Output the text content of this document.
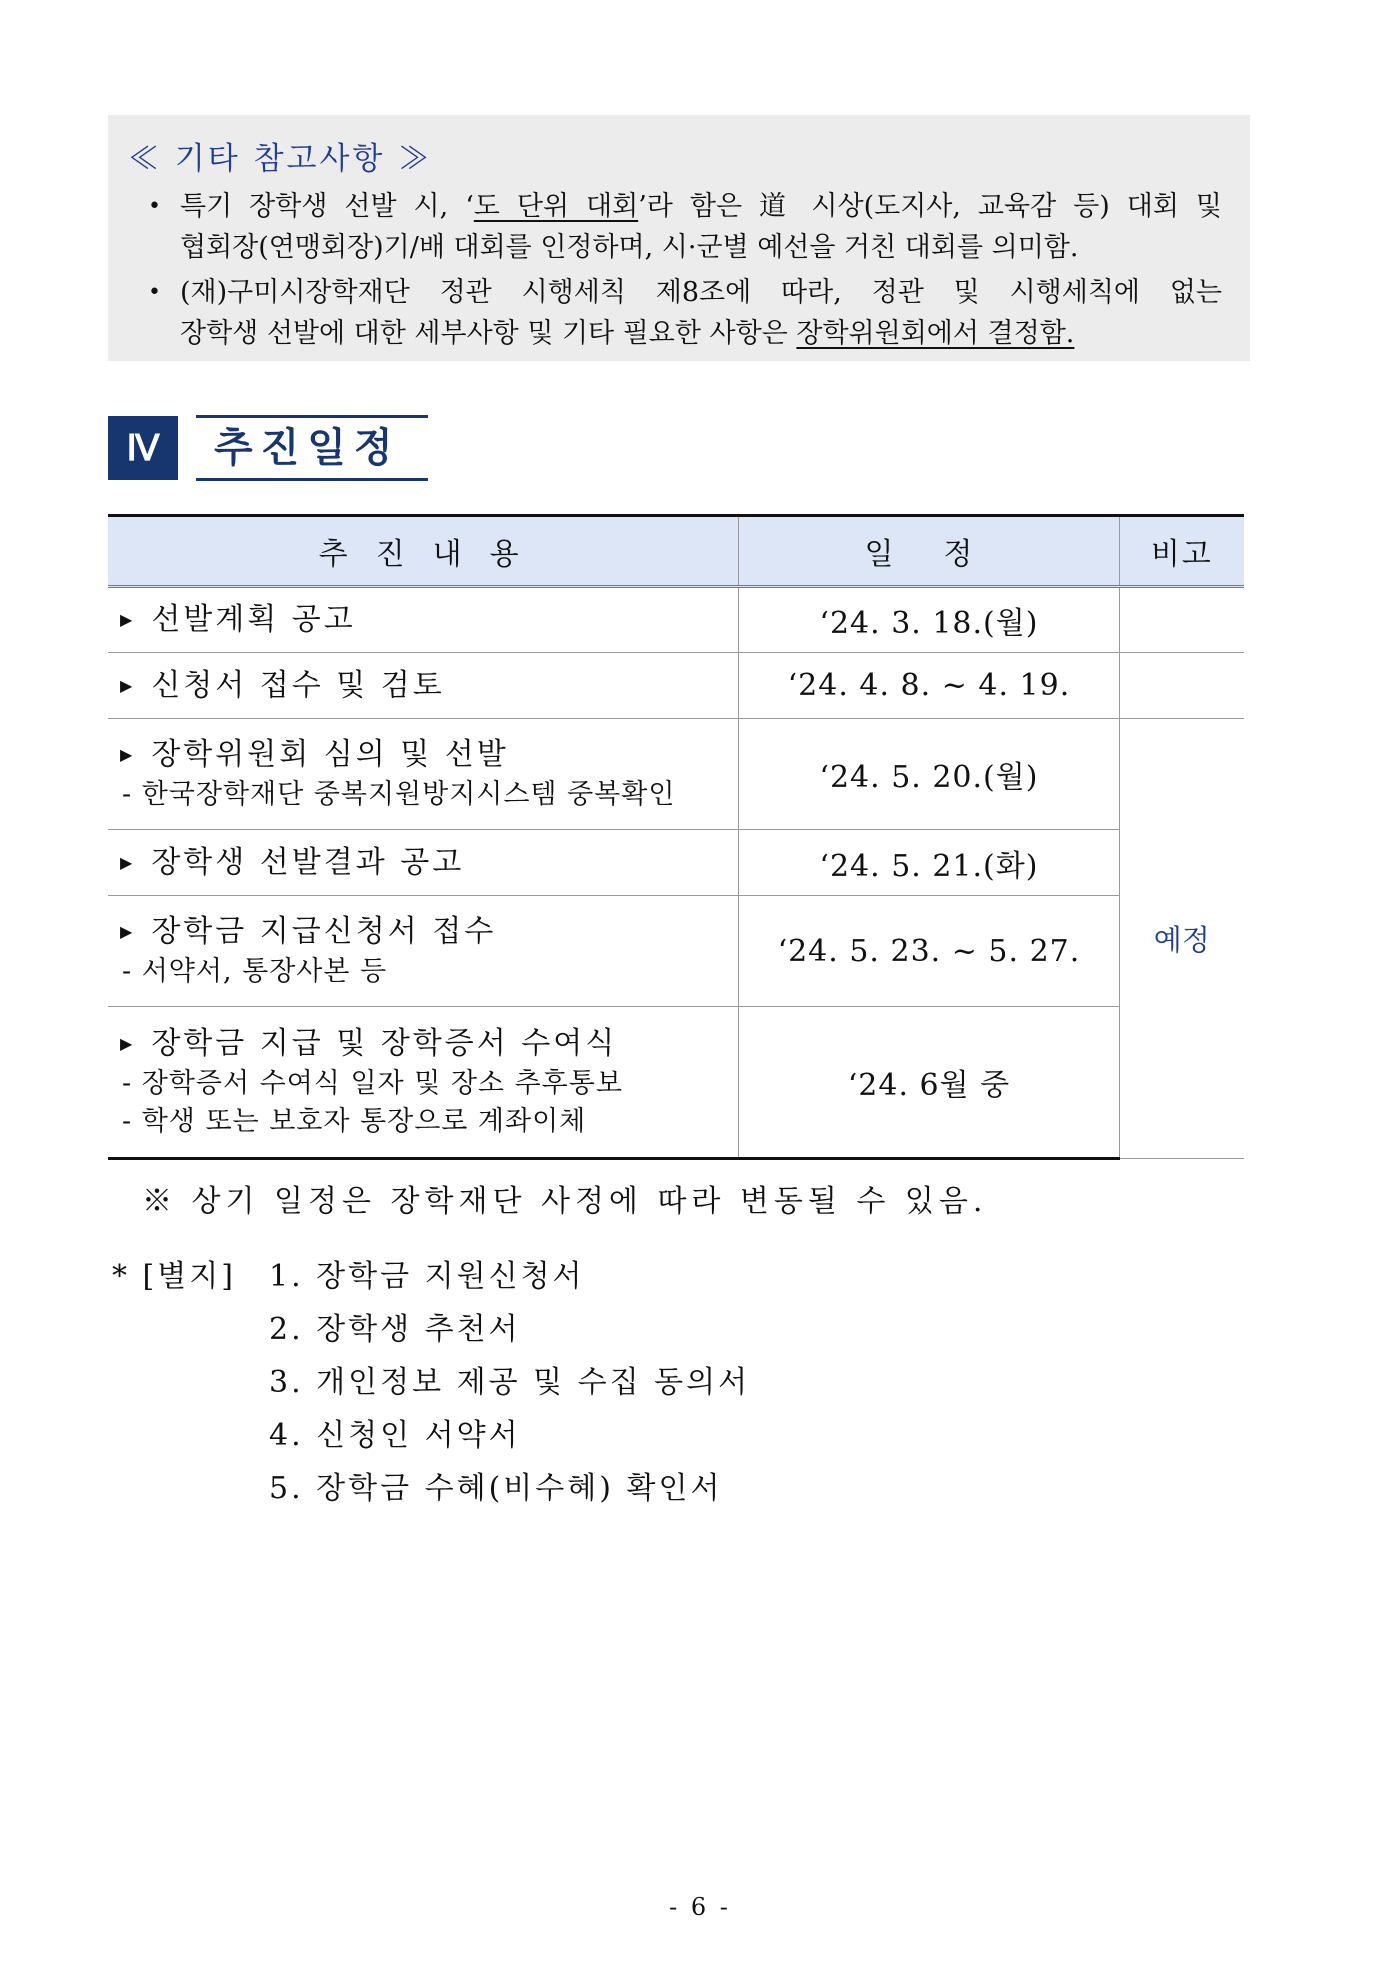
≪ 기타 참고사항 ≫
• 특기 장학생 선발 시, ‘도 단위 대회’라 함은 道 시상(도지사, 교육감 등) 대회 및
협회장(연맹회장)기/배 대회를 인정하며, 시·군별 예선을 거친 대회를 의미함.
• (재)구미시장학재단 정관 시행세칙 제8조에 따라, 정관 및 시행세칙에 없는
장학생 선발에 대한 세부사항 및 기타 필요한 사항은 장학위원회에서 결정함.
Ⅳ	추진일정
추진내용	일정	비고

▶ 선발계획 공고	‘24. 3. 18.(월)	

▶ 신청서 접수 및 검토	‘24. 4. 8. ~ 4. 19.	

▶ 장학위원회 심의 및 선발
- 한국장학재단 중복지원방지시스템 중복확인	‘24. 5. 20.(월)	예정

▶ 장학생 선발결과 공고	‘24. 5. 21.(화)	

▶ 장학금 지급신청서 접수
- 서약서, 통장사본 등	‘24. 5. 23. ~ 5. 27.	

▶ 장학금 지급 및 장학증서 수여식
- 장학증서 수여식 일자 및 장소 추후통보
- 학생 또는 보호자 통장으로 계좌이체	‘24. 6월 중	
※ 상기 일정은 장학재단 사정에 따라 변동될 수 있음.
* [별지] 1. 장학금 지원신청서
2. 장학생 추천서
3. 개인정보 제공 및 수집 동의서
4. 신청인 서약서
5. 장학금 수혜(비수혜) 확인서
- 6 -
